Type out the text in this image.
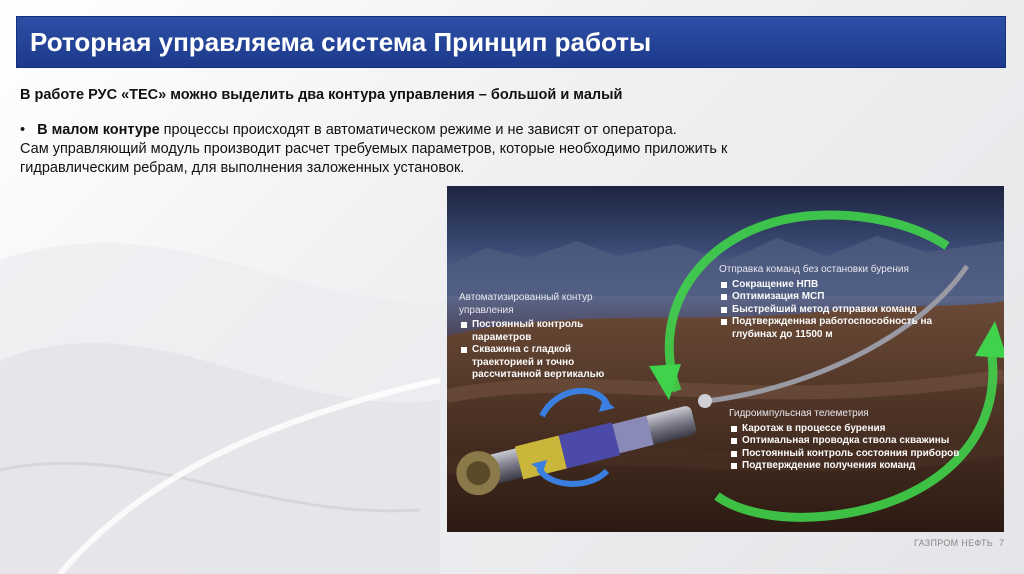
Роторная управляема система Принцип работы
В работе РУС «ТЕС» можно выделить два контура управления – большой и малый
• В малом контуре процессы происходят в автоматическом режиме и не зависят от оператора.
Сам управляющий модуль производит расчет требуемых параметров, которые необходимо приложить к
гидравлическим ребрам, для выполнения заложенных установок.
Автоматизированный контур управления
Постоянный контроль параметров
Скважина с гладкой траекторией и точно рассчитанной вертикалью
Отправка команд без остановки бурения
Сокращение НПВ
Оптимизация МСП
Быстрейший метод отправки команд
Подтвержденная работоспособность на глубинах до 11500 м
Гидроимпульсная телеметрия
Каротаж в процессе бурения
Оптимальная проводка ствола скважины
Постоянный контроль состояния приборов
Подтверждение получения команд
ГАЗПРОМ НЕФТЬ 7
